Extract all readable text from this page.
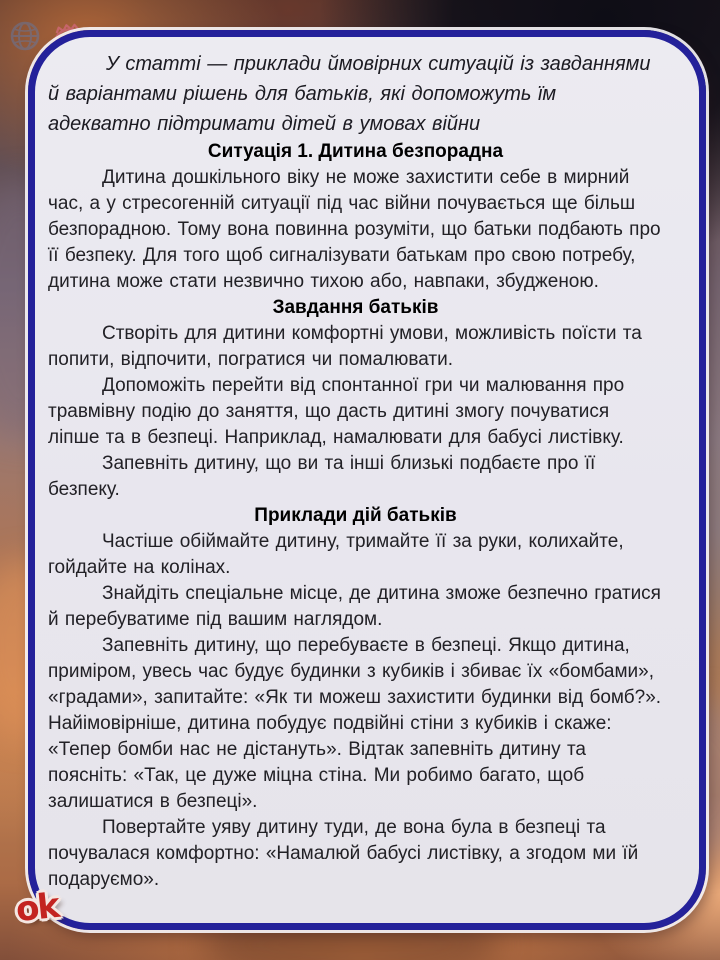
У статті — приклади ймовірних ситуацій із завданнями й варіантами рішень для батьків, які допоможуть їм адекватно підтримати дітей в умовах війни

Ситуація 1. Дитина безпорадна

Дитина дошкільного віку не може захистити себе в мирний час, а у стресогенній ситуації під час війни почувається ще більш безпорадною. Тому вона повинна розуміти, що батьки подбають про її безпеку. Для того щоб сигналізувати батькам про свою потребу, дитина може стати незвично тихою або, навпаки, збудженою.

Завдання батьків

Створіть для дитини комфортні умови, можливість поїсти та попити, відпочити, погратися чи помалювати.

Допоможіть перейти від спонтанної гри чи малювання про травмівну подію до заняття, що дасть дитині змогу почуватися ліпше та в безпеці. Наприклад, намалювати для бабусі листівку.

Запевніть дитину, що ви та інші близькі подбаєте про її безпеку.

Приклади дій батьків

Частіше обіймайте дитину, тримайте її за руки, колихайте, гойдайте на колінах.

Знайдіть спеціальне місце, де дитина зможе безпечно гратися й перебуватиме під вашим наглядом.

Запевніть дитину, що перебуваєте в безпеці. Якщо дитина, приміром, увесь час будує будинки з кубиків і збиває їх «бомбами», «градами», запитайте: «Як ти можеш захистити будинки від бомб?». Найімовірніше, дитина побудує подвійні стіни з кубиків і скаже: «Тепер бомби нас не дістануть». Відтак запевніть дитину та поясніть: «Так, це дуже міцна стіна. Ми робимо багато, щоб залишатися в безпеці».

Повертайте уяву дитину туди, де вона була в безпеці та почувалася комфортно: «Намалюй бабусі листівку, а згодом ми їй подаруємо».

ok
